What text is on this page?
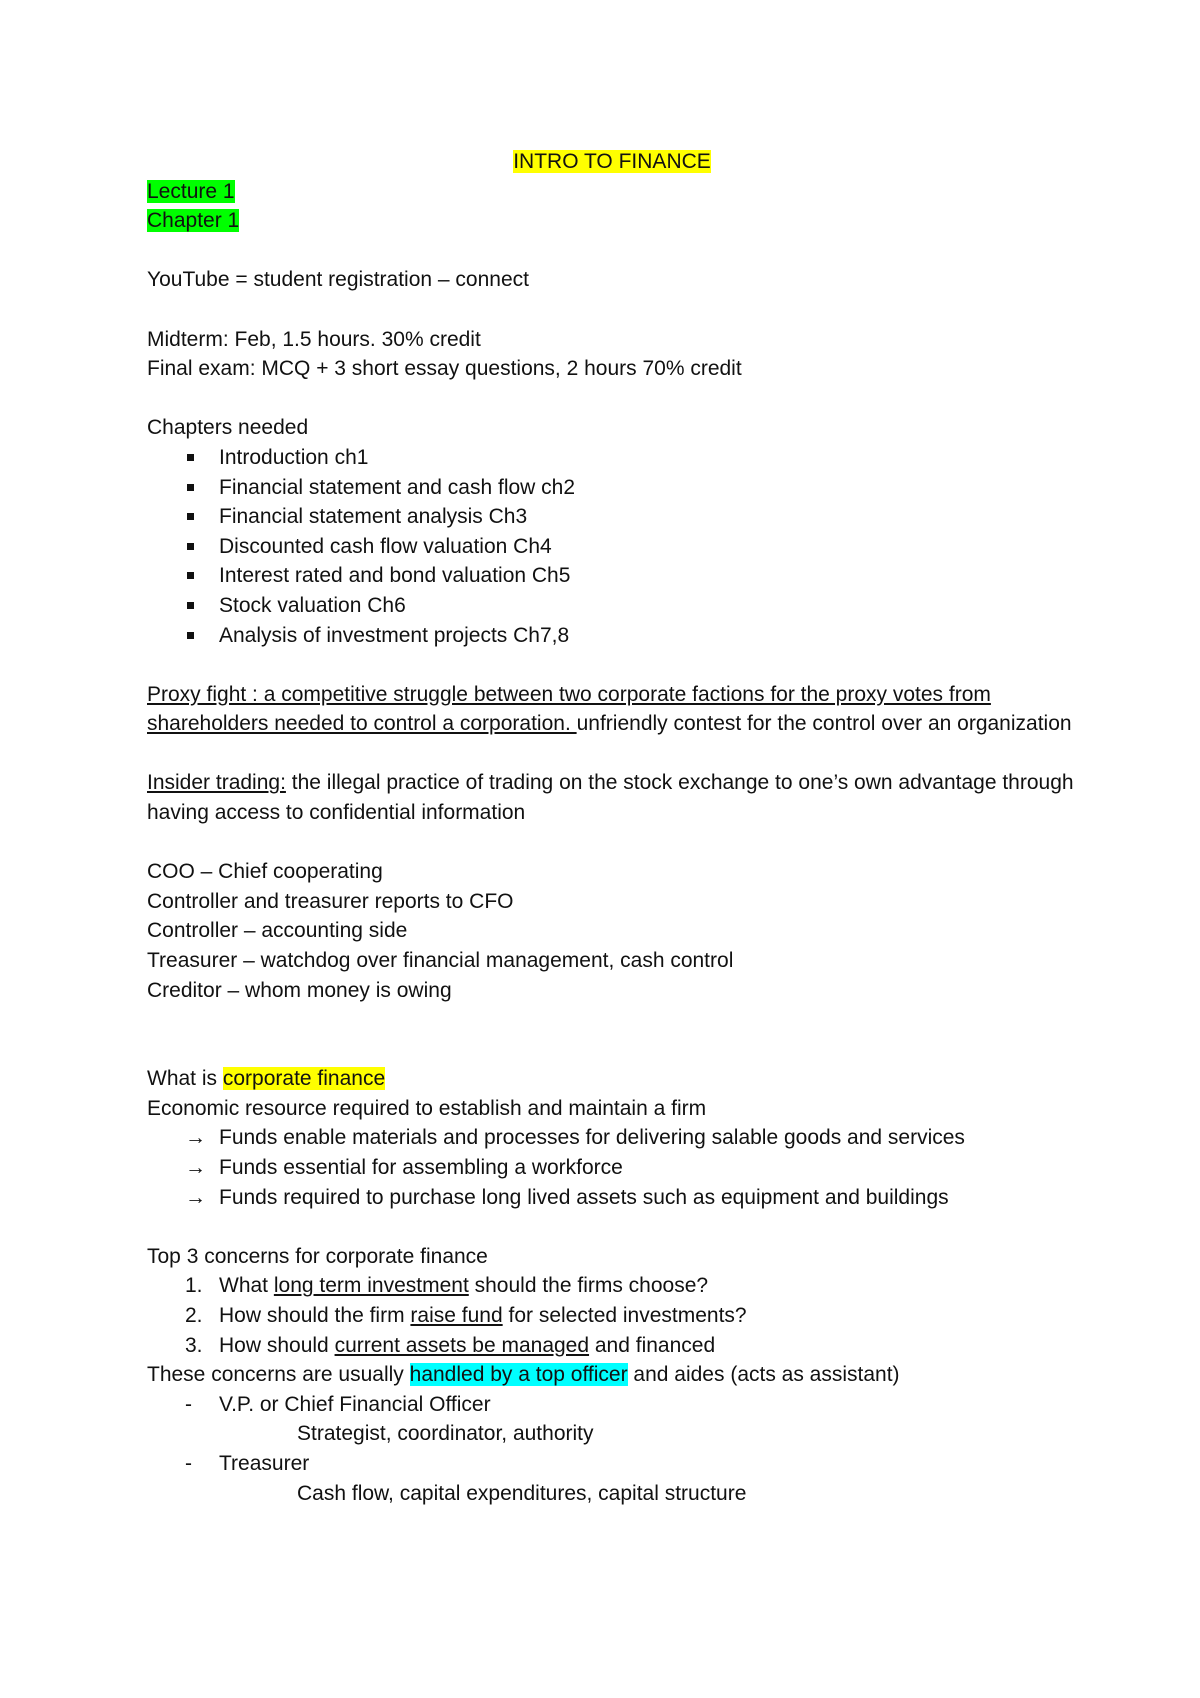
INTRO TO FINANCE
Lecture 1
Chapter 1
YouTube = student registration – connect
Midterm: Feb, 1.5 hours. 30% credit
Final exam: MCQ + 3 short essay questions, 2 hours 70% credit
Chapters needed
Introduction ch1
Financial statement and cash flow ch2
Financial statement analysis Ch3
Discounted cash flow valuation Ch4
Interest rated and bond valuation Ch5
Stock valuation Ch6
Analysis of investment projects Ch7,8
Proxy fight : a competitive struggle between two corporate factions for the proxy votes from shareholders needed to control a corporation. unfriendly contest for the control over an organization
Insider trading: the illegal practice of trading on the stock exchange to one’s own advantage through having access to confidential information
COO – Chief cooperating
Controller and treasurer reports to CFO
Controller – accounting side
Treasurer – watchdog over financial management, cash control
Creditor – whom money is owing
What is corporate finance
Economic resource required to establish and maintain a firm
→ Funds enable materials and processes for delivering salable goods and services
→ Funds essential for assembling a workforce
→ Funds required to purchase long lived assets such as equipment and buildings
Top 3 concerns for corporate finance
1. What long term investment should the firms choose?
2. How should the firm raise fund for selected investments?
3. How should current assets be managed and financed
These concerns are usually handled by a top officer and aides (acts as assistant)
-	V.P. or Chief Financial Officer
Strategist, coordinator, authority
-	Treasurer
Cash flow, capital expenditures, capital structure
